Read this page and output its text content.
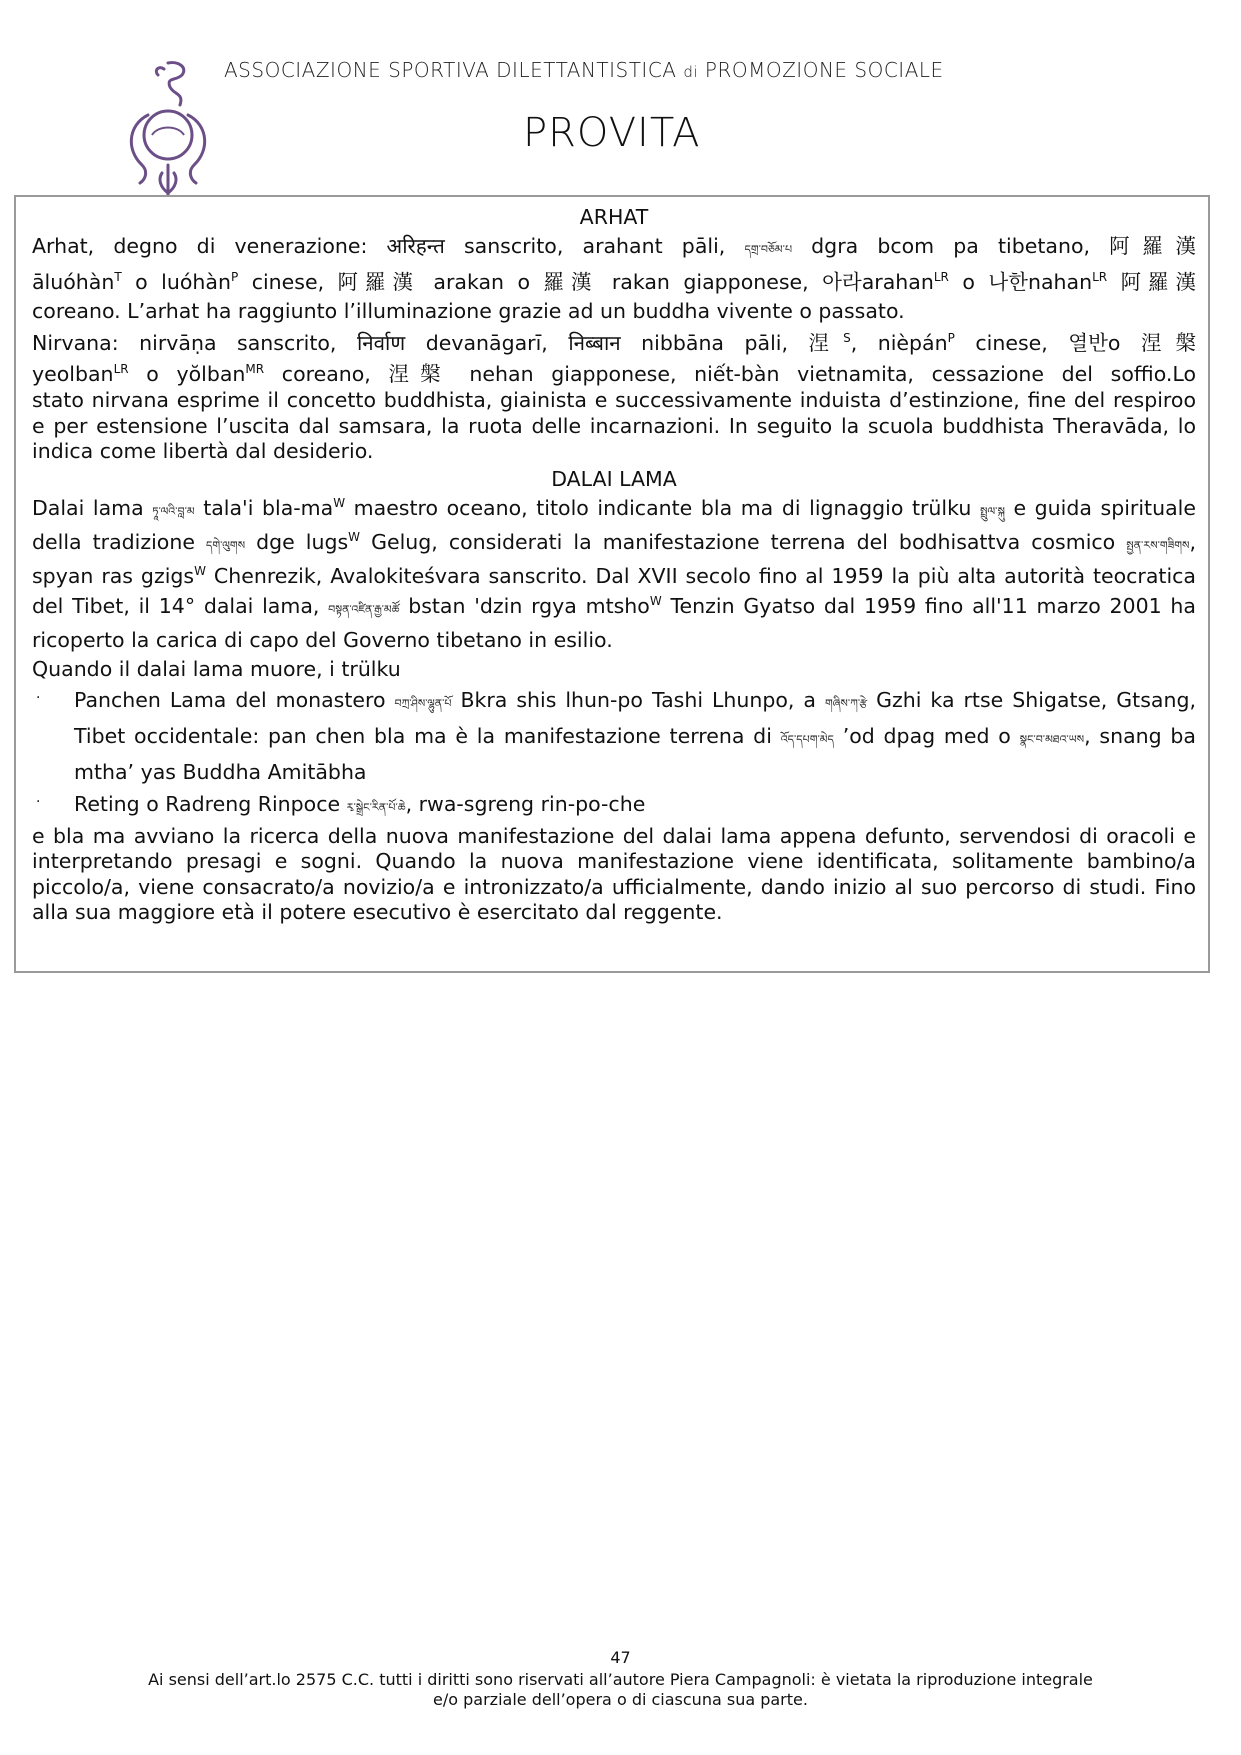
ASSOCIAZIONE SPORTIVA DILETTANTISTICA di PROMOZIONE SOCIALE
PROVITA

ARHAT

Arhat, degno di venerazione: अरिहन्त sanscrito, arahant pāli, དགྲ་བཅོམ་པ dgra bcom pa tibetano, 阿羅漢

āluóhàn$^T$ o luóhàn$^P$ cinese, 阿羅漢 arakan o 羅漢 rakan giapponese, 아라arahan$^{LR}$ o 나한nahan$^{LR}$ 阿羅漢

coreano. L’arhat ha raggiunto l’illuminazione grazie ad un buddha vivente o passato.

Nirvana: nirvāṇa sanscrito, निर्वाण devanāgarī, निब्बान nibbāna pāli, 涅$^S$, nièpán$^P$ cinese, 열반o 涅槃

yeolban$^{LR}$ o yŏlban$^{MR}$ coreano, 涅槃 nehan giapponese, niết-bàn vietnamita, cessazione del soffio.Lo

stato nirvana esprime il concetto buddhista, giainista e successivamente induista d’estinzione, fine del respiroo e per estensione l’uscita dal samsara, la ruota delle incarnazioni. In seguito la scuola buddhista Theravāda, lo indica come libertà dal desiderio.

DALAI LAMA

Dalai lama ཏཱ་ལའི་བླ་མ tala'i bla-$ma^W$ maestro oceano, titolo indicante bla ma di lignaggio trülku སྤྲུལ་སྐུ e guida spirituale della tradizione དགེ་ལུགས dge lugs$^W$ Gelug, considerati la manifestazione terrena del bodhisattva cosmico སྤྱན་རས་གཟིགས, spyan ras gzigs$^W$ Chenrezik, Avalokiteśvara sanscrito. Dal XVII secolo fino al 1959 la più alta autorità teocratica del Tibet, il 14° dalai lama, བསྟན་འཛིན་རྒྱ་མཚོ bstan 'dzin rgya mtsho$^W$ Tenzin Gyatso dal 1959 fino all'11 marzo 2001 ha ricoperto la carica di capo del Governo tibetano in esilio.

Quando il dalai lama muore, i trülku

·	Panchen Lama del monastero བཀྲ་ཤིས་ལྷུན་པོ Bkra shis lhun-po Tashi Lhunpo, a གཞིས་ཀ་རྩེ Gzhi ka rtse Shigatse, Gtsang, Tibet occidentale: pan chen bla ma è la manifestazione terrena di འོད་དཔག་མེད ’od dpag med o སྣང་བ་མཐའ་ཡས, snang ba mtha’ yas Buddha Amitābha
·	Reting o Radreng Rinpoce རྭ་སྒྲེང་རིན་པོ་ཆེ, rwa-sgreng rin-po-che

e bla ma avviano la ricerca della nuova manifestazione del dalai lama appena defunto, servendosi di oracoli e interpretando presagi e sogni. Quando la nuova manifestazione viene identificata, solitamente bambino/a piccolo/a, viene consacrato/a novizio/a e intronizzato/a ufficialmente, dando inizio al suo percorso di studi. Fino alla sua maggiore età il potere esecutivo è esercitato dal reggente.

47
Ai sensi dell’art.lo 2575 C.C. tutti i diritti sono riservati all’autore Piera Campagnoli: è vietata la riproduzione integrale
e/o parziale dell’opera o di ciascuna sua parte.
